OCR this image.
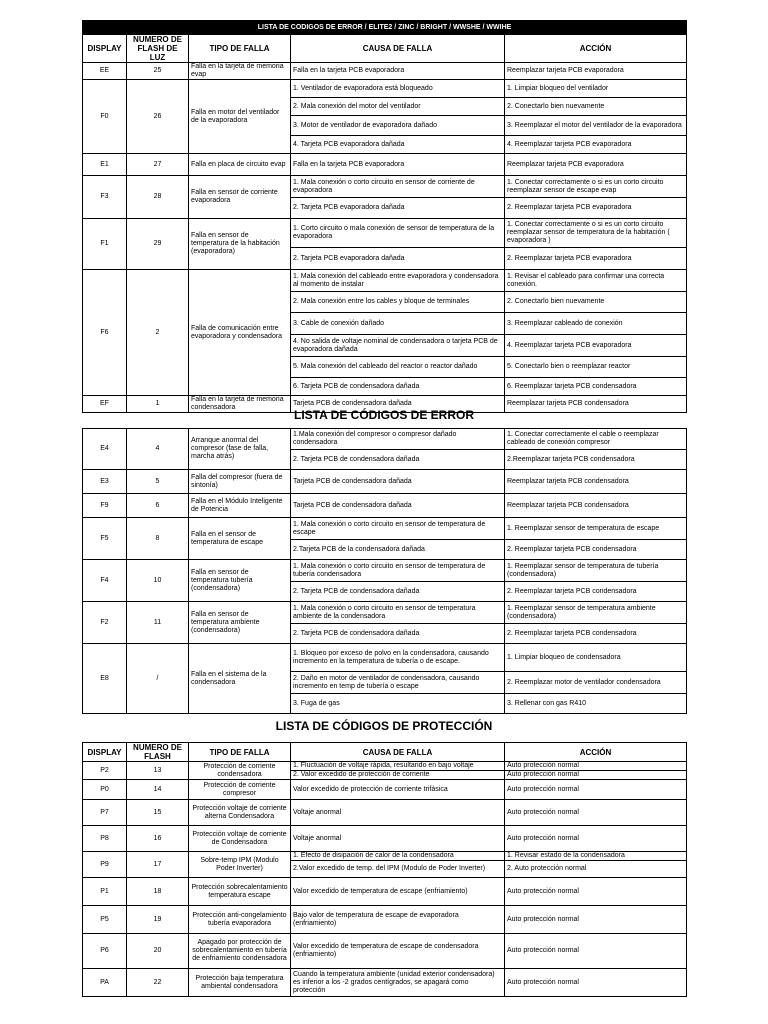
LISTA DE CODIGOS DE ERROR / ELITE2 / ZINC / BRIGHT / WWSHE / WWIHE				
DISPLAY	NUMERO DE FLASH DE LUZ	TIPO DE FALLA	CAUSA DE FALLA	ACCIÓN
EE	25	Falla en la tarjeta de memoria evap	Falla en la tarjeta PCB evaporadora	Reemplazar tarjeta PCB evaporadora
F0	26	Falla en motor del ventilador de la evaporadora	1. Ventilador de evaporadora está bloqueado	1. Limpiar bloqueo del ventilador
			2. Mala conexión del motor del ventilador	2. Conectarlo bien nuevamente
			3. Motor de ventilador de evaporadora dañado	3. Reemplazar el motor del ventilador de la evaporadora
			4. Tarjeta PCB evaporadora dañada	4. Reemplazar tarjeta PCB evaporadora
E1	27	Falla en placa de circuito evap	Falla en la tarjeta PCB evaporadora	Reemplazar tarjeta PCB evaporadora
F3	28	Falla en sensor de corriente evaporadora	1. Mala conexión o corto circuito en sensor de corriente de evaporadora	1. Conectar correctamente o si es un corto circuito reemplazar sensor de escape evap
			2. Tarjeta PCB evaporadora dañada	2. Reemplazar tarjeta PCB evaporadora
F1	29	Falla en sensor de temperatura de la habitación (evaporadora)	1. Corto circuito o mala conexión de sensor de temperatura de la evaporadora	1. Conectar correctamente o si es un corto circuito reemplazar sensor de temperatura de la habitación ( evaporadora )
			2. Tarjeta PCB evaporadora dañada	2. Reemplazar tarjeta PCB evaporadora
F6	2	Falla de comunicación entre evaporadora y condensadora	1. Mala conexión del cableado entre evaporadora y condensadora al momento de instalar	1. Revisar el cableado para confirmar una correcta conexión.
			2. Mala conexión entre los cables y bloque de terminales	2. Conectarlo bien nuevamente
			3. Cable de conexión dañado	3. Reemplazar cableado de conexión
			4. No salida de voltaje nominal de condensadora o tarjeta PCB de evaporadora dañada	4. Reemplazar tarjeta PCB evaporadora
			5. Mala conexión del cableado del reactor o reactor dañado	5. Conectarlo bien o reemplazar reactor
			6. Tarjeta PCB de condensadora dañada	6. Reemplazar tarjeta PCB condensadora
EF	1	Falla en la tarjeta de memoria condensadora	Tarjeta PCB de condensadora dañada	Reemplazar tarjeta PCB condensadora
LISTA DE CÓDIGOS DE ERROR
E4	4	Arranque anormal del compresor (fase de falla, marcha atrás)	1.Mala conexión del compresor o compresor dañado condensadora	1. Conectar correctamente el cable o reemplazar cableado de conexión compresor
			2. Tarjeta PCB de condensadora dañada	2.Reemplazar tarjeta PCB condensadora
E3	5	Falla del compresor (fuera de sintonía)	Tarjeta PCB de condensadora dañada	Reemplazar tarjeta PCB condensadora
F9	6	Falla en el Módulo Inteligente de Potencia	Tarjeta PCB de condensadora dañada	Reemplazar tarjeta PCB condensadora
F5	8	Falla en el sensor de temperatura de escape	1. Mala conexión o corto circuito en sensor de temperatura de escape	1. Reemplazar sensor de temperatura de escape
			2.Tarjeta PCB de la condensadora dañada	2. Reemplazar tarjeta PCB condensadora
F4	10	Falla en sensor de temperatura tubería (condensadora)	1. Mala conexión o corto circuito en sensor de temperatura de tubería condensadora	1. Reemplazar sensor de temperatura de tubería (condensadora)
			2. Tarjeta PCB de condensadora dañada	2. Reemplazar tarjeta PCB condensadora
F2	11	Falla en sensor de temperatura ambiente (condensadora)	1. Mala conexión o corto circuito en sensor de temperatura ambiente de la condensadora	1. Reemplazar sensor de temperatura ambiente (condensadora)
			2. Tarjeta PCB de condensadora dañada	2. Reemplazar tarjeta PCB condensadora
E8	/	Falla en el sistema de la condensadora	1. Bloqueo por exceso de polvo en la condensadora, causando incremento en la temperatura de tubería o de escape.	1. Limpiar bloqueo de condensadora
			2. Daño en motor de ventilador de condensadora, causando incremento en temp de tubería o escape	2. Reemplazar motor de ventilador condensadora
			3. Fuga de gas	3. Rellenar con gas R410
LISTA DE CÓDIGOS DE PROTECCIÓN
DISPLAY	NUMERO DE FLASH	TIPO DE FALLA	CAUSA DE FALLA	ACCIÓN
P2	13	Protección de corriente condensadora	1. Fluctuación de voltaje rápida, resultando en bajo voltaje	Auto protección normal
			2. Valor excedido de protección de corriente	Auto protección normal
P0	14	Protección de corriente compresor	Valor excedido de protección de corriente trifásica	Auto protección normal
P7	15	Protección voltaje de corriente alterna Condensadora	Voltaje anormal	Auto protección normal
P8	16	Protección voltaje de corriente de Condensadora	Voltaje anormal	Auto protección normal
P9	17	Sobre-temp IPM (Modulo Poder Inverter)	1. Efecto de disipación de calor de la condensadora	1. Revisar estado de la condensadora
			2.Valor excedido de temp. del IPM (Modulo de Poder Inverter)	2. Auto protección normal
P1	18	Protección sobrecalentamiento temperatura escape	Valor excedido de temperatura de escape (enfriamiento)	Auto protección normal
P5	19	Protección anti-congelamiento tubería evaporadora	Bajo valor de temperatura de escape de evaporadora (enfriamiento)	Auto protección normal
P6	20	Apagado por protección de sobrecalentamiento en tubería de enfriamiento condensadora	Valor excedido de temperatura de escape de condensadora (enfriamiento)	Auto protección normal
PA	22	Protección baja temperatura ambiental condensadora	Cuando la temperatura ambiente (unidad exterior condensadora) es inferior a los -2 grados centígrados, se apagará como protección	Auto protección normal
